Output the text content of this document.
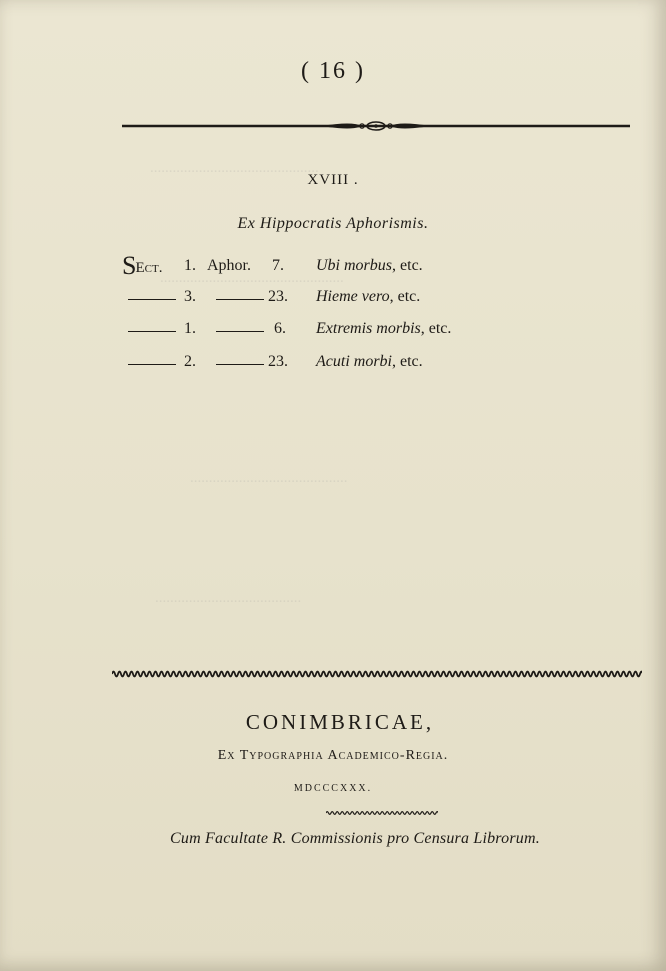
.............................................
.................................................
..........................................
.......................................
( 16 )
XVIII .
Ex Hippocratis Aphorismis.
SEct. 1. Aphor. 7. Ubi morbus, etc.
3.	23. Hieme vero, etc.
1.	6. Extremis morbis, etc.
2.	23. Acuti morbi, etc.
CONIMBRICAE,
Ex Typographia Academico-Regia.
MDCCCXXX.
Cum Facultate R. Commissionis pro Censura Librorum.
